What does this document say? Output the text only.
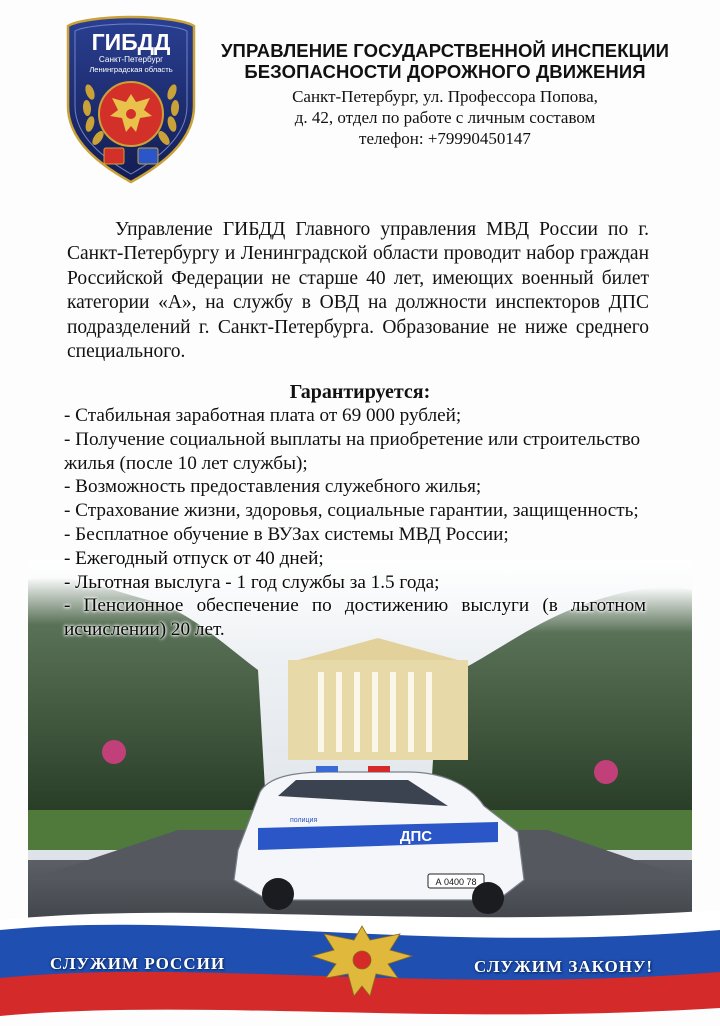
ГИБДД
Санкт-Петербург
Ленинградская область
УПРАВЛЕНИЕ ГОСУДАРСТВЕННОЙ ИНСПЕКЦИИ
БЕЗОПАСНОСТИ ДОРОЖНОГО ДВИЖЕНИЯ
Санкт-Петербург, ул. Профессора Попова,
д. 42, отдел по работе с личным составом
телефон: +79990450147
Управление ГИБДД Главного управления МВД России по г. Санкт-Петербургу и Ленинградской области проводит набор граждан Российской Федерации не старше 40 лет, имеющих военный билет категории «А», на службу в ОВД на должности инспекторов ДПС подразделений г. Санкт-Петербурга. Образование не ниже среднего специального.
ДПС
полиция
А 0400 78
Гарантируется:
- Стабильная заработная плата от 69 000 рублей;
- Получение социальной выплаты на приобретение или строительство жилья (после 10 лет службы);
- Возможность предоставления служебного жилья;
- Страхование жизни, здоровья, социальные гарантии, защищенность;
- Бесплатное обучение в ВУЗах системы МВД России;
- Ежегодный отпуск от 40 дней;
- Льготная выслуга - 1 год службы за 1.5 года;
- Пенсионное обеспечение по достижению выслуги (в льготном исчислении) 20 лет.
СЛУЖИМ РОССИИ	СЛУЖИМ ЗАКОНУ!
